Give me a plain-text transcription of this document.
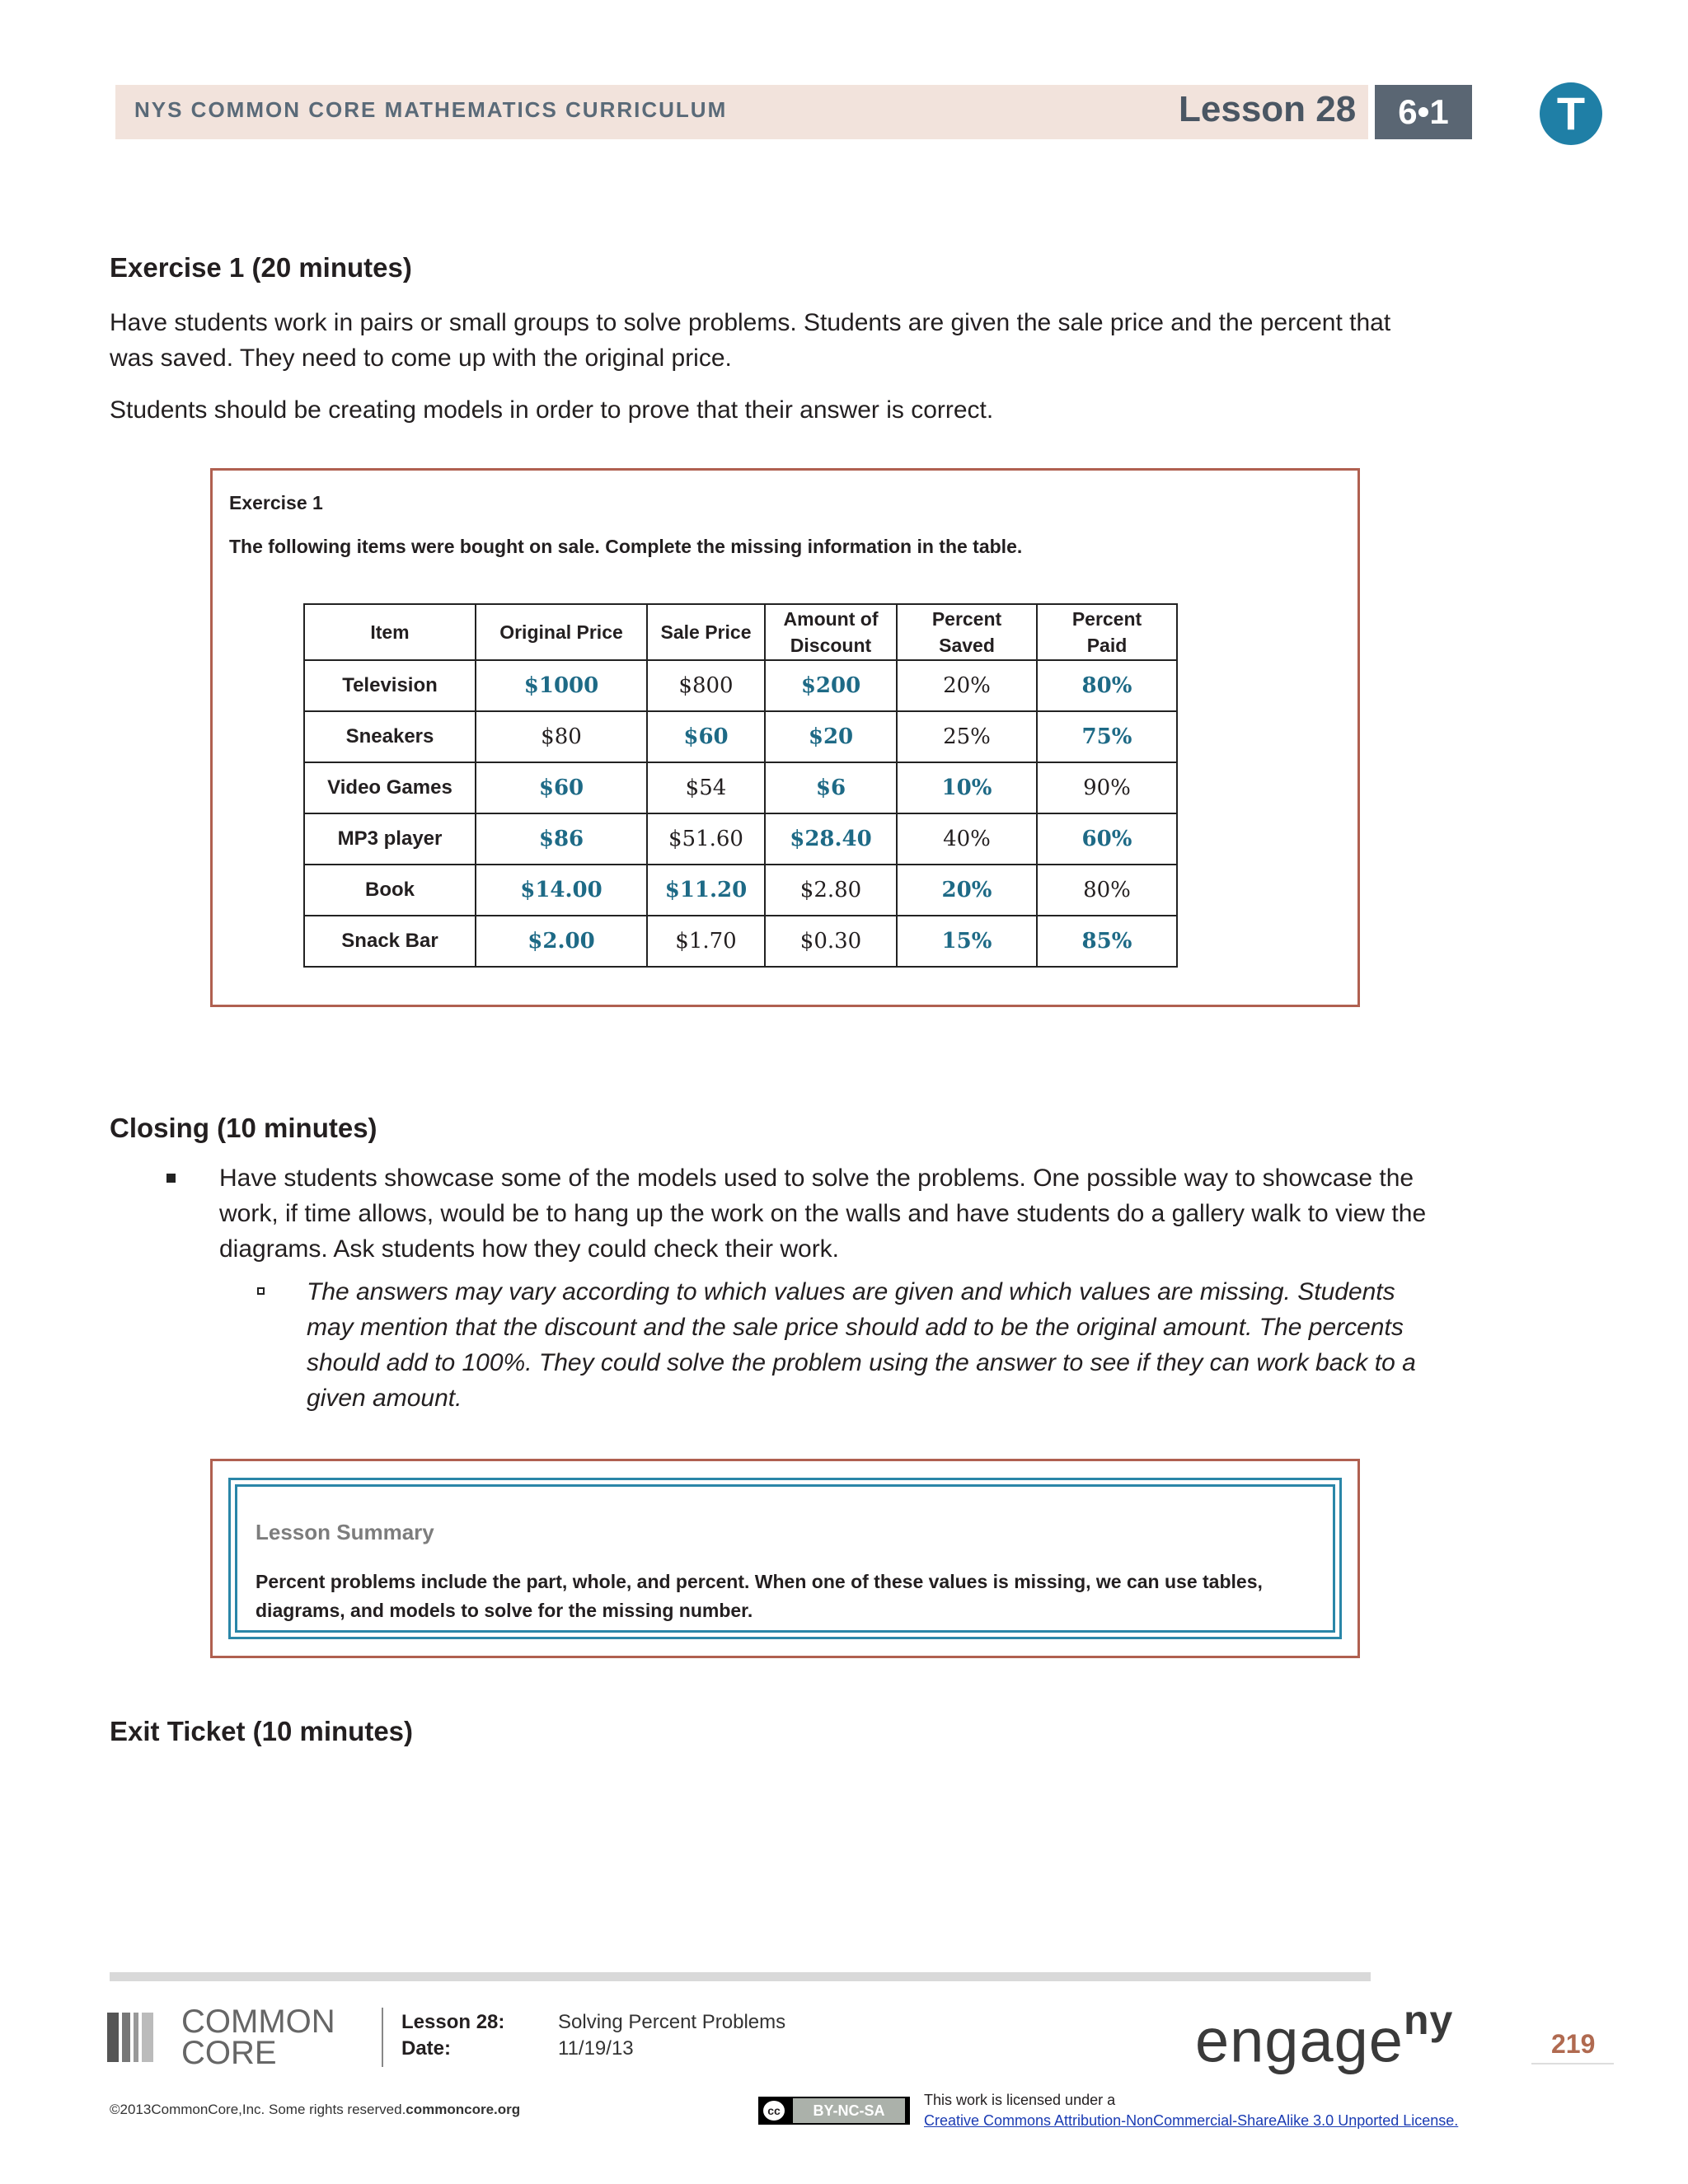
NYS COMMON CORE MATHEMATICS CURRICULUM	Lesson 28	6•1	T
Exercise 1 (20 minutes)

Have students work in pairs or small groups to solve problems. Students are given the sale price and the percent that was saved. They need to come up with the original price.

Students should be creating models in order to prove that their answer is correct.

Exercise 1
The following items were bought on sale. Complete the missing information in the table.
Item	Original Price	Sale Price	Amount of Discount	Percent Saved	Percent Paid
Television	$1000	$800	$200	20%	80%
Sneakers	$80	$60	$20	25%	75%
Video Games	$60	$54	$6	10%	90%
MP3 player	$86	$51.60	$28.40	40%	60%
Book	$14.00	$11.20	$2.80	20%	80%
Snack Bar	$2.00	$1.70	$0.30	15%	85%
Closing (10 minutes)

Have students showcase some of the models used to solve the problems. One possible way to showcase the work, if time allows, would be to hang up the work on the walls and have students do a gallery walk to view the diagrams. Ask students how they could check their work.

The answers may vary according to which values are given and which values are missing. Students may mention that the discount and the sale price should add to be the original amount. The percents should add to 100%. They could solve the problem using the answer to see if they can work back to a given amount.

Lesson Summary
Percent problems include the part, whole, and percent. When one of these values is missing, we can use tables, diagrams, and models to solve for the missing number.
Exit Ticket (10 minutes)
COMMON
CORE
Lesson 28:	Solving Percent Problems
Date:	11/19/13	engage$^{ny}$
219
©2013CommonCore,Inc. Some rights reserved.commoncore.org	cc	BY-NC-SA
This work is licensed under a
Creative Commons Attribution-NonCommercial-ShareAlike 3.0 Unported License.
